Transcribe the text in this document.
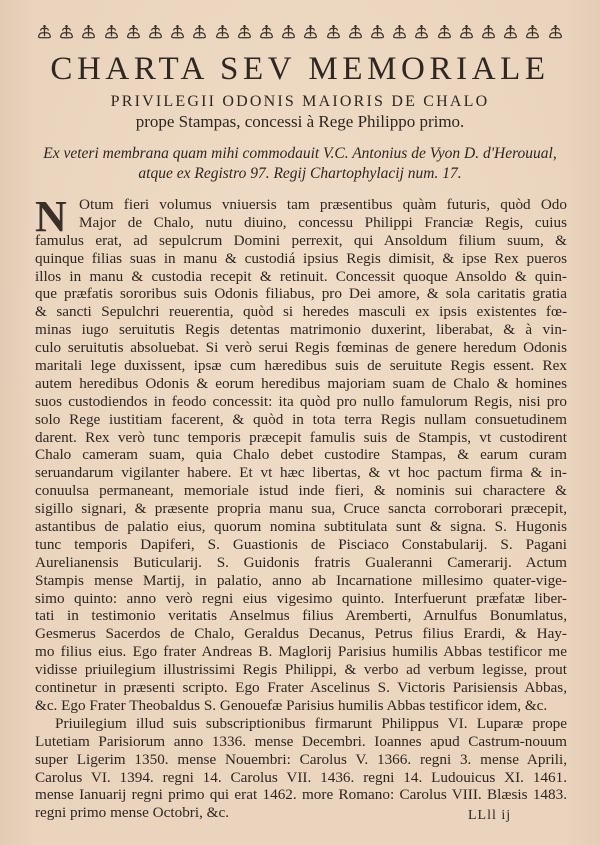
CHARTA SEV MEMORIALE
PRIVILEGII ODONIS MAIORIS DE CHALO
prope Stampas, concessi à Rege Philippo primo.
Ex veteri membrana quam mihi commodauit V.C. Antonius de Vyon D. d'Herouual,
atque ex Registro 97. Regij Chartophylacij num. 17.
N Otum fieri volumus vniuersis tam præsentibus quàm futuris, quòd Odo
Major de Chalo, nutu diuino, concessu Philippi Franciæ Regis, cuius
famulus erat, ad sepulcrum Domini perrexit, qui Ansoldum filium suum, &
quinque filias suas in manu & custodiá ipsius Regis dimisit, & ipse Rex pueros
illos in manu & custodia recepit & retinuit. Concessit quoque Ansoldo & quin-
que præfatis sororibus suis Odonis filiabus, pro Dei amore, & sola caritatis gratia
& sancti Sepulchri reuerentia, quòd si heredes masculi ex ipsis existentes fœ-
minas iugo seruitutis Regis detentas matrimonio duxerint, liberabat, & à vin-
culo seruitutis absoluebat. Si verò serui Regis fœminas de genere heredum Odonis
maritali lege duxissent, ipsæ cum hæredibus suis de seruitute Regis essent. Rex
autem heredibus Odonis & eorum heredibus majoriam suam de Chalo & homines
suos custodiendos in feodo concessit: ita quòd pro nullo famulorum Regis, nisi pro
solo Rege iustitiam facerent, & quòd in tota terra Regis nullam consuetudinem
darent. Rex verò tunc temporis præcepit famulis suis de Stampis, vt custodirent
Chalo cameram suam, quia Chalo debet custodire Stampas, & earum curam
seruandarum vigilanter habere. Et vt hæc libertas, & vt hoc pactum firma & in-
conuulsa permaneant, memoriale istud inde fieri, & nominis sui charactere &
sigillo signari, & præsente propria manu sua, Cruce sancta corroborari præcepit,
astantibus de palatio eius, quorum nomina subtitulata sunt & signa. S. Hugonis
tunc temporis Dapiferi, S. Guastionis de Pisciaco Constabularij. S. Pagani
Aurelianensis Buticularij. S. Guidonis fratris Gualeranni Camerarij. Actum
Stampis mense Martij, in palatio, anno ab Incarnatione millesimo quater-vige-
simo quinto: anno verò regni eius vigesimo quinto. Interfuerunt præfatæ liber-
tati in testimonio veritatis Anselmus filius Aremberti, Arnulfus Bonumlatus,
Gesmerus Sacerdos de Chalo, Geraldus Decanus, Petrus filius Erardi, & Hay-
mo filius eius. Ego frater Andreas B. Maglorij Parisius humilis Abbas testificor me
vidisse priuilegium illustrissimi Regis Philippi, & verbo ad verbum legisse, prout
continetur in præsenti scripto. Ego Frater Ascelinus S. Victoris Parisiensis Abbas,
&c. Ego Frater Theobaldus S. Genouefæ Parisius humilis Abbas testificor idem, &c.
Priuilegium illud suis subscriptionibus firmarunt Philippus VI. Luparæ prope
Lutetiam Parisiorum anno 1336. mense Decembri. Ioannes apud Castrum-nouum
super Ligerim 1350. mense Nouembri: Carolus V. 1366. regni 3. mense Aprili,
Carolus VI. 1394. regni 14. Carolus VII. 1436. regni 14. Ludouicus XI. 1461.
mense Ianuarij regni primo qui erat 1462. more Romano: Carolus VIII. Blæsis 1483.
regni primo mense Octobri, &c.	LLll ij
